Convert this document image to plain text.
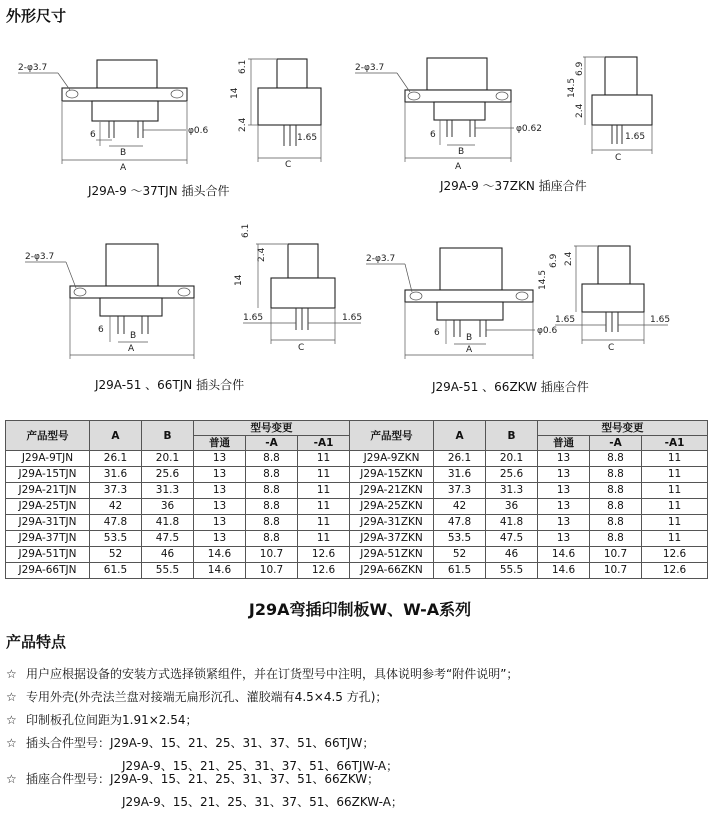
外形尺寸
2-φ3.7
φ0.6
6
B
A
14
6.1
2.4
1.65
C
J29A-9 ～37TJN 插头合件
2-φ3.7
φ0.62
6
B
A
14.5
6.9
2.4
1.65
C
J29A-9 ～37ZKN 插座合件
2-φ3.7
6
B
A
14
6.1
2.4
1.65	1.65
C
J29A-51 、66TJN 插头合件
2-φ3.7
φ0.6
6	B
A
14.5
6.9 2.4
1.65	1.65
C
J29A-51 、66ZKW 插座合件
产品型号	A	B	型号变更			产品型号	A	B	型号变更		
			普通	-A	-A1				普通	-A	-A1
J29A-9TJN	26.1	20.1	13	8.8	11	J29A-9ZKN	26.1	20.1	13	8.8	11
J29A-15TJN	31.6	25.6	13	8.8	11	J29A-15ZKN	31.6	25.6	13	8.8	11
J29A-21TJN	37.3	31.3	13	8.8	11	J29A-21ZKN	37.3	31.3	13	8.8	11
J29A-25TJN	42	36	13	8.8	11	J29A-25ZKN	42	36	13	8.8	11
J29A-31TJN	47.8	41.8	13	8.8	11	J29A-31ZKN	47.8	41.8	13	8.8	11
J29A-37TJN	53.5	47.5	13	8.8	11	J29A-37ZKN	53.5	47.5	13	8.8	11
J29A-51TJN	52	46	14.6	10.7	12.6	J29A-51ZKN	52	46	14.6	10.7	12.6
J29A-66TJN	61.5	55.5	14.6	10.7	12.6	J29A-66ZKN	61.5	55.5	14.6	10.7	12.6
J29A弯插印制板W、W-A系列
产品特点
☆ 用户应根据设备的安装方式选择锁紧组件，并在订货型号中注明，具体说明参考“附件说明”；
☆ 专用外壳(外壳法兰盘对接端无扁形沉孔、灌胶端有4.5×4.5 方孔)；
☆ 印制板孔位间距为1.91×2.54；
☆ 插头合件型号：J29A-9、15、21、25、31、37、51、66TJW；
J29A-9、15、21、25、31、37、51、66TJW-A；
☆ 插座合件型号：J29A-9、15、21、25、31、37、51、66ZKW；
J29A-9、15、21、25、31、37、51、66ZKW-A；
